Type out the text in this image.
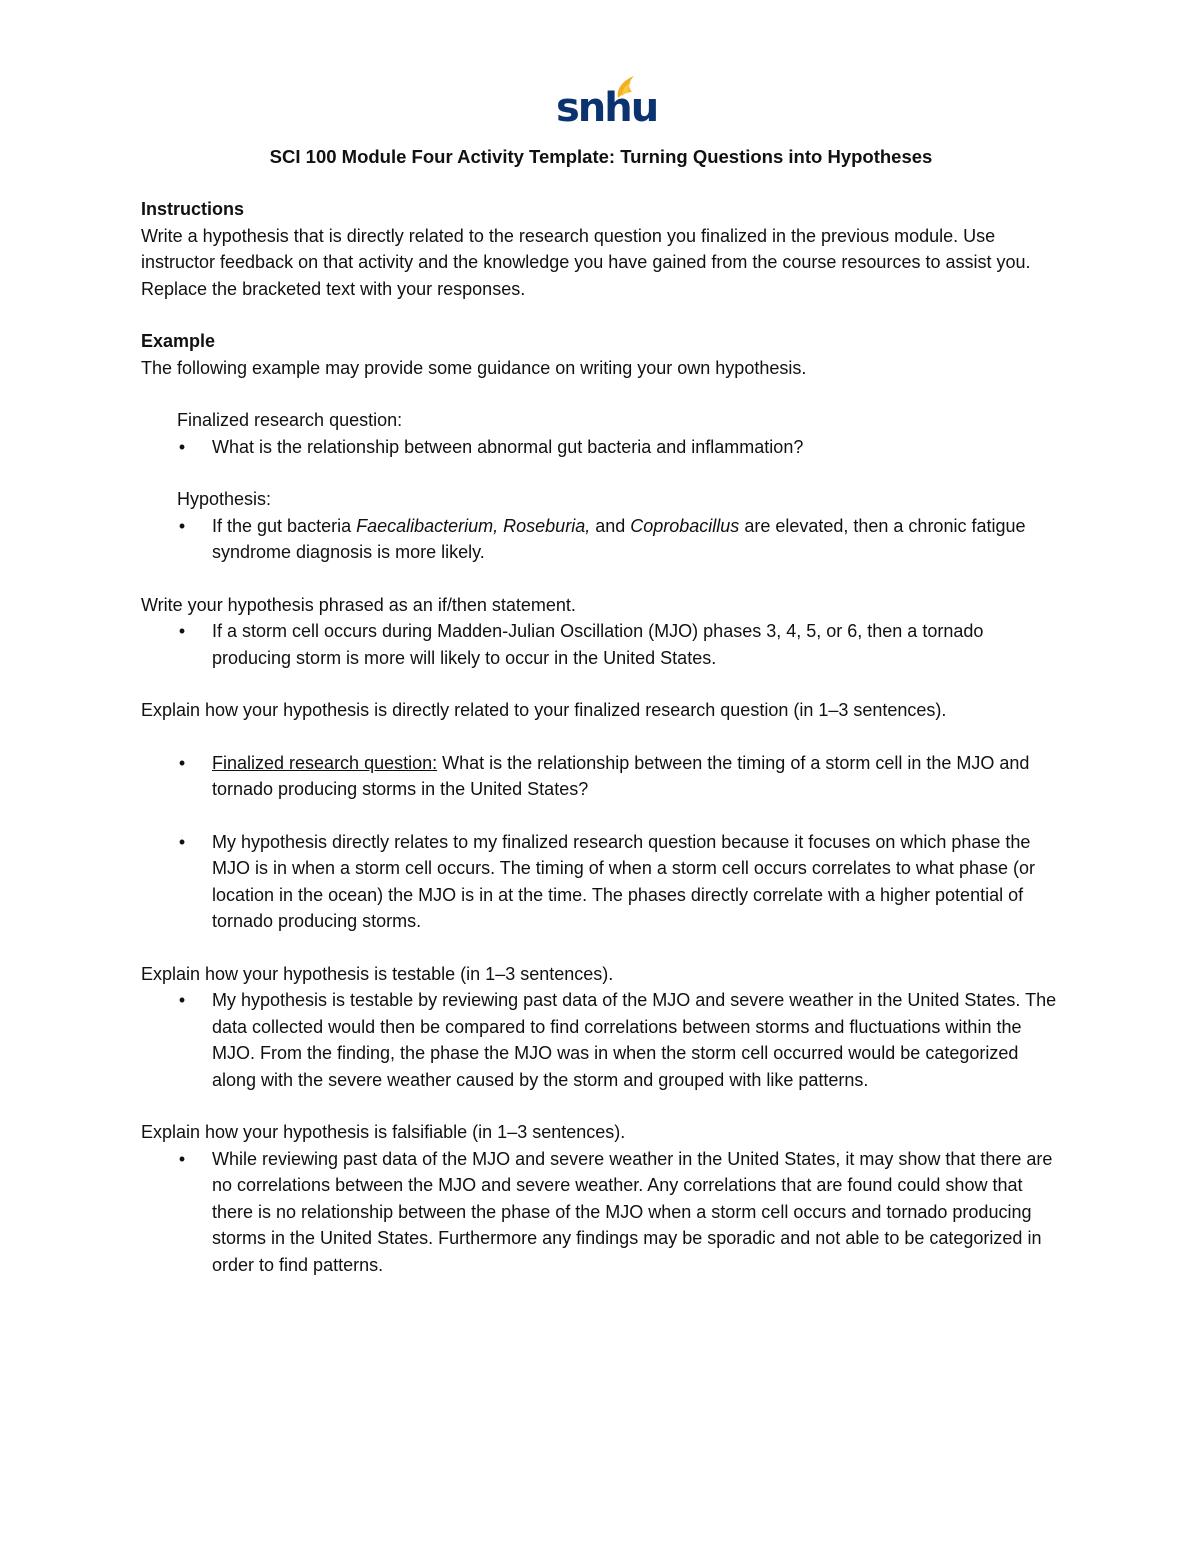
snhu

SCI 100 Module Four Activity Template: Turning Questions into Hypotheses

Instructions

Write a hypothesis that is directly related to the research question you finalized in the previous module. Use instructor feedback on that activity and the knowledge you have gained from the course resources to assist you. Replace the bracketed text with your responses.

Example

The following example may provide some guidance on writing your own hypothesis.

Finalized research question:

• What is the relationship between abnormal gut bacteria and inflammation?

Hypothesis:

• If the gut bacteria Faecalibacterium, Roseburia, and Coprobacillus are elevated, then a chronic fatigue syndrome diagnosis is more likely.

Write your hypothesis phrased as an if/then statement.

• If a storm cell occurs during Madden-Julian Oscillation (MJO) phases 3, 4, 5, or 6, then a tornado producing storm is more will likely to occur in the United States.

Explain how your hypothesis is directly related to your finalized research question (in 1–3 sentences).

• Finalized research question: What is the relationship between the timing of a storm cell in the MJO and tornado producing storms in the United States?
• My hypothesis directly relates to my finalized research question because it focuses on which phase the MJO is in when a storm cell occurs. The timing of when a storm cell occurs correlates to what phase (or location in the ocean) the MJO is in at the time. The phases directly correlate with a higher potential of tornado producing storms.

Explain how your hypothesis is testable (in 1–3 sentences).

• My hypothesis is testable by reviewing past data of the MJO and severe weather in the United States. The data collected would then be compared to find correlations between storms and fluctuations within the MJO. From the finding, the phase the MJO was in when the storm cell occurred would be categorized along with the severe weather caused by the storm and grouped with like patterns.

Explain how your hypothesis is falsifiable (in 1–3 sentences).

• While reviewing past data of the MJO and severe weather in the United States, it may show that there are no correlations between the MJO and severe weather. Any correlations that are found could show that there is no relationship between the phase of the MJO when a storm cell occurs and tornado producing storms in the United States. Furthermore any findings may be sporadic and not able to be categorized in order to find patterns.
